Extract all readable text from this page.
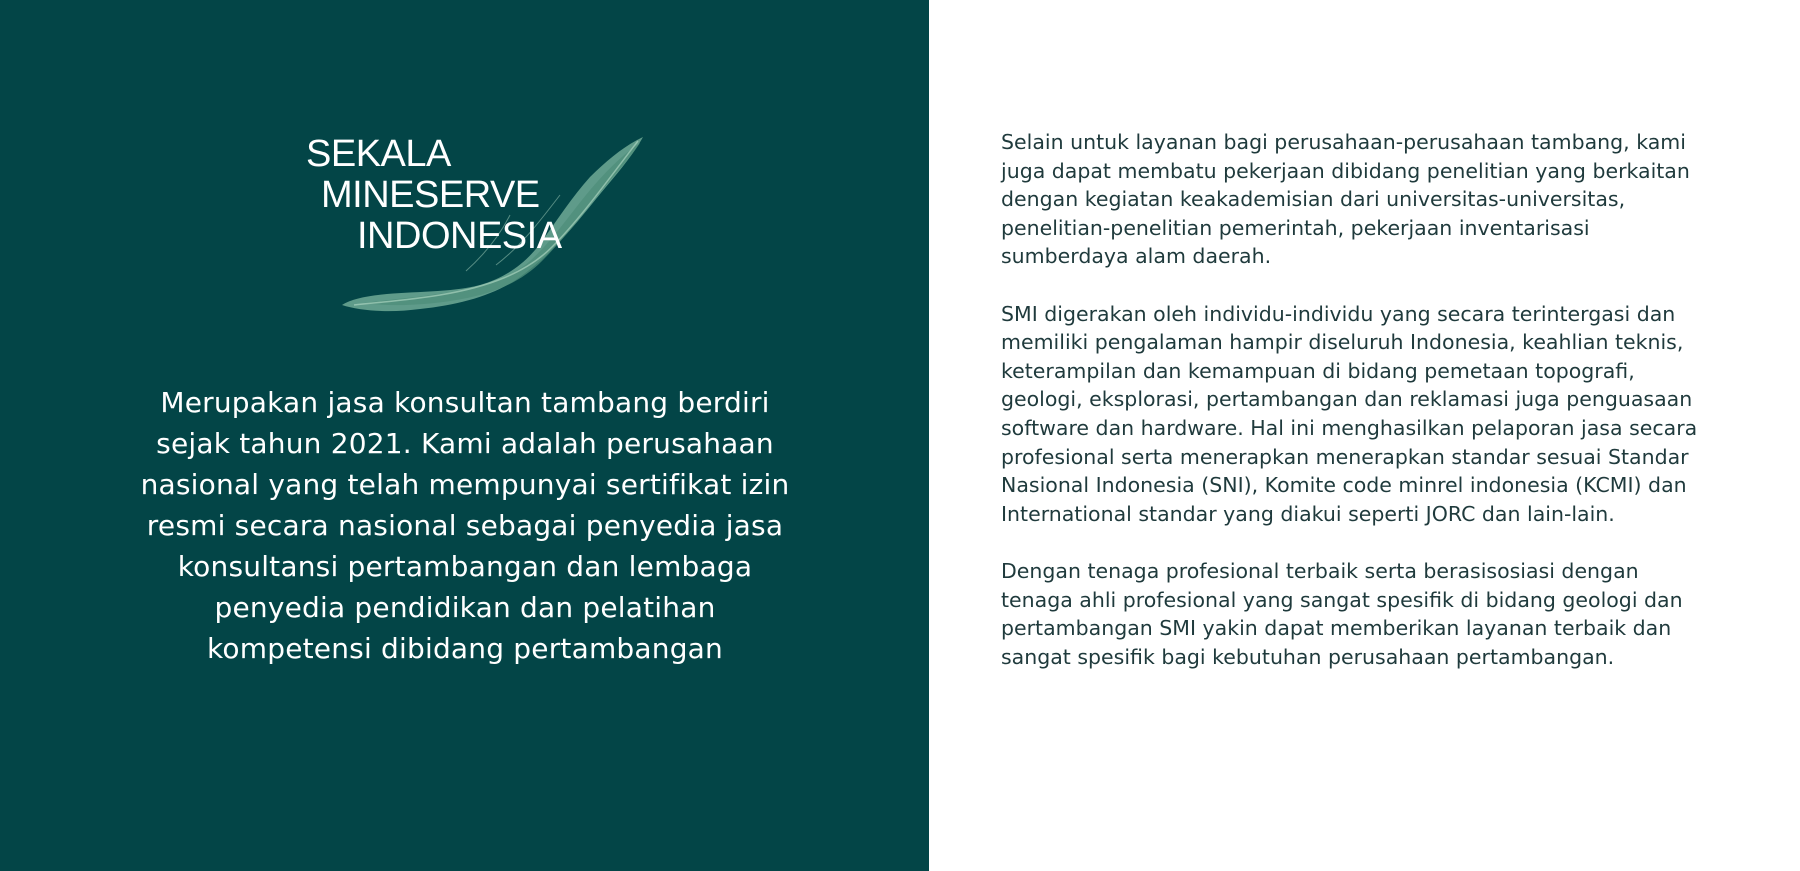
SEKALA
MINESERVE
INDONESIA
Merupakan jasa konsultan tambang berdiri
sejak tahun 2021. Kami adalah perusahaan
nasional yang telah mempunyai sertifikat izin
resmi secara nasional sebagai penyedia jasa
konsultansi pertambangan dan lembaga
penyedia pendidikan dan pelatihan
kompetensi dibidang pertambangan

Selain untuk layanan bagi perusahaan-perusahaan tambang, kami
juga dapat membatu pekerjaan dibidang penelitian yang berkaitan
dengan kegiatan keakademisian dari universitas-universitas,
penelitian-penelitian pemerintah, pekerjaan inventarisasi
sumberdaya alam daerah.

SMI digerakan oleh individu-individu yang secara terintergasi dan
memiliki pengalaman hampir diseluruh Indonesia, keahlian teknis,
keterampilan dan kemampuan di bidang pemetaan topografi,
geologi, eksplorasi, pertambangan dan reklamasi juga penguasaan
software dan hardware. Hal ini menghasilkan pelaporan jasa secara
profesional serta menerapkan menerapkan standar sesuai Standar
Nasional Indonesia (SNI), Komite code minrel indonesia (KCMI) dan
International standar yang diakui seperti JORC dan lain-lain.

Dengan tenaga profesional terbaik serta berasisosiasi dengan
tenaga ahli profesional yang sangat spesifik di bidang geologi dan
pertambangan SMI yakin dapat memberikan layanan terbaik dan
sangat spesifik bagi kebutuhan perusahaan pertambangan.
